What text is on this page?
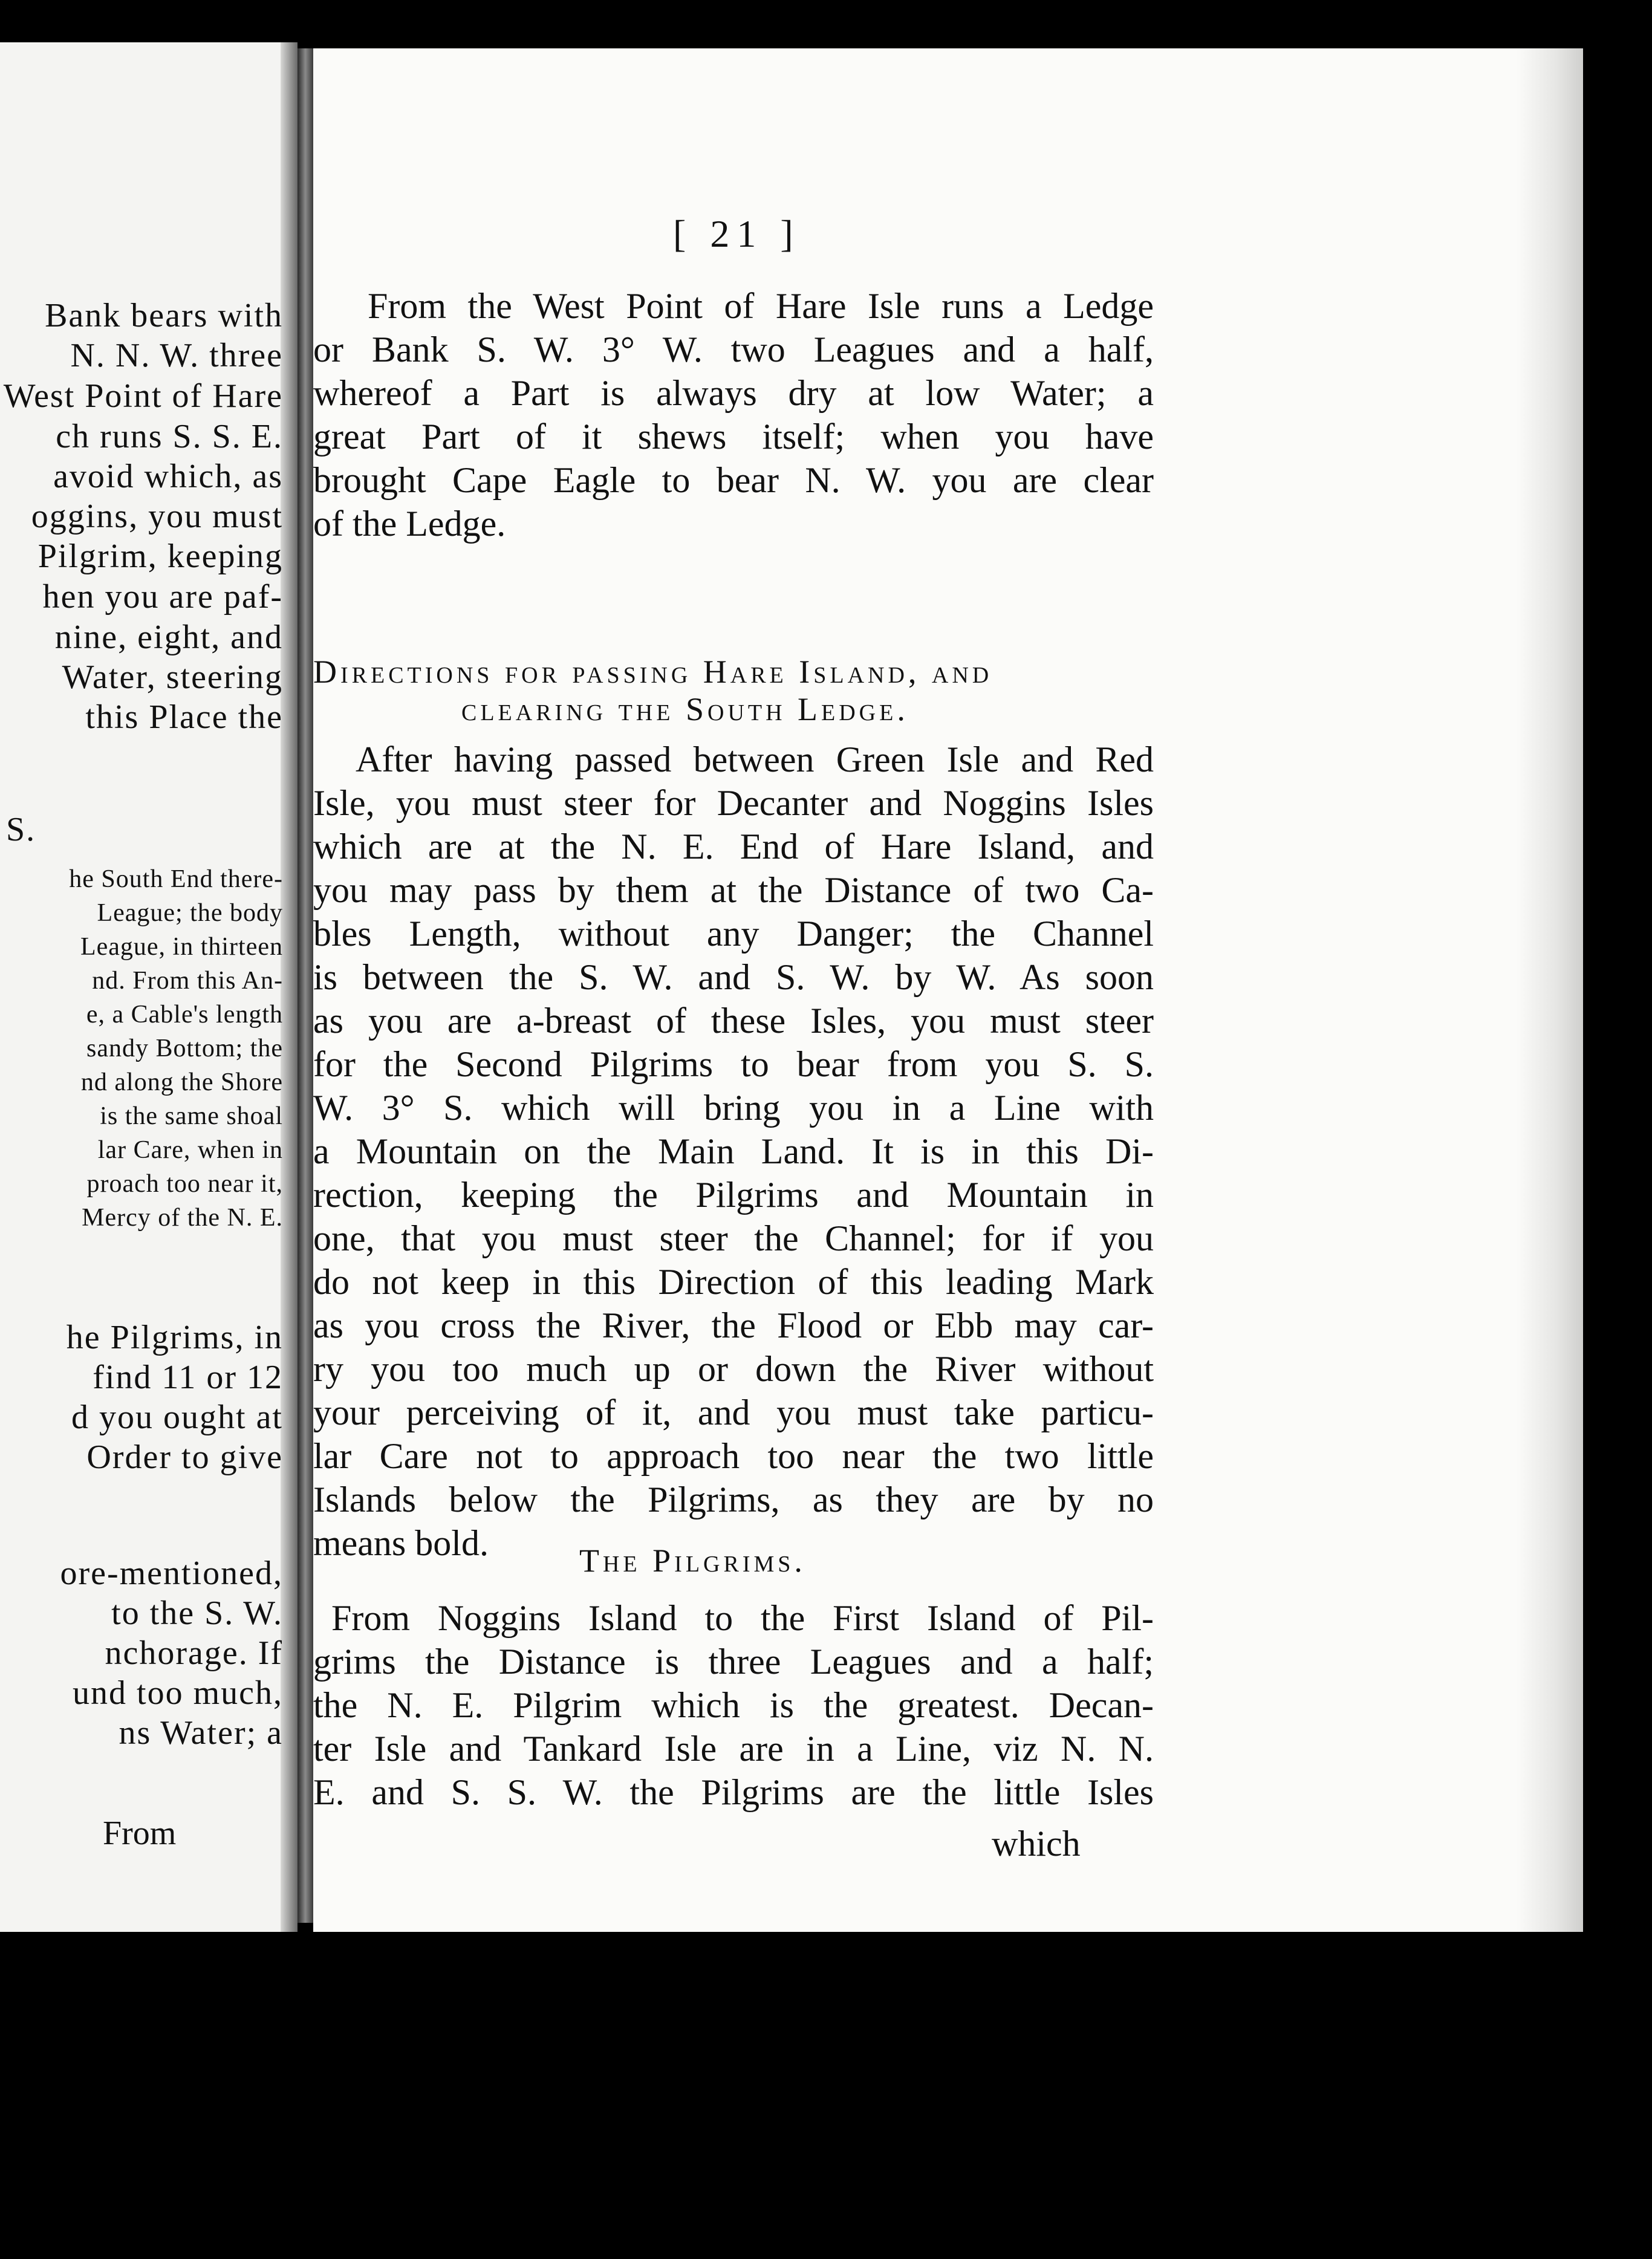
Bank bears with

N. N. W. three

West Point of Hare

ch runs S. S. E.

avoid which, as

oggins, you must

Pilgrim, keeping

hen you are paf-

nine, eight, and

Water, steering

this Place the

S.

he South End there-

League; the body

League, in thirteen

nd. From this An-

e, a Cable's length

sandy Bottom; the

nd along the Shore

is the same shoal

lar Care, when in

proach too near it,

Mercy of the N. E.

he Pilgrims, in

find 11 or 12

d you ought at

Order to give

ore-mentioned,

to the S. W.

nchorage. If

und too much,

ns Water; a

From

[ 21 ]

From the West Point of Hare Isle runs a Ledge

or Bank S. W. 3° W. two Leagues and a half,

whereof a Part is always dry at low Water; a

great Part of it shews itself; when you have

brought Cape Eagle to bear N. W. you are clear

of the Ledge.

Directions for passing Hare Island, and

clearing the South Ledge.

After having passed between Green Isle and Red

Isle, you must steer for Decanter and Noggins Isles

which are at the N. E. End of Hare Island, and

you may pass by them at the Distance of two Ca-

bles Length, without any Danger; the Channel

is between the S. W. and S. W. by W. As soon

as you are a-breast of these Isles, you must steer

for the Second Pilgrims to bear from you S. S.

W. 3° S. which will bring you in a Line with

a Mountain on the Main Land. It is in this Di-

rection, keeping the Pilgrims and Mountain in

one, that you must steer the Channel; for if you

do not keep in this Direction of this leading Mark

as you cross the River, the Flood or Ebb may car-

ry you too much up or down the River without

your perceiving of it, and you must take particu-

lar Care not to approach too near the two little

Islands below the Pilgrims, as they are by no

means bold.	The Pilgrims.

From Noggins Island to the First Island of Pil-

grims the Distance is three Leagues and a half;

the N. E. Pilgrim which is the greatest. Decan-

ter Isle and Tankard Isle are in a Line, viz N. N.

E. and S. S. W. the Pilgrims are the little Isles

which
